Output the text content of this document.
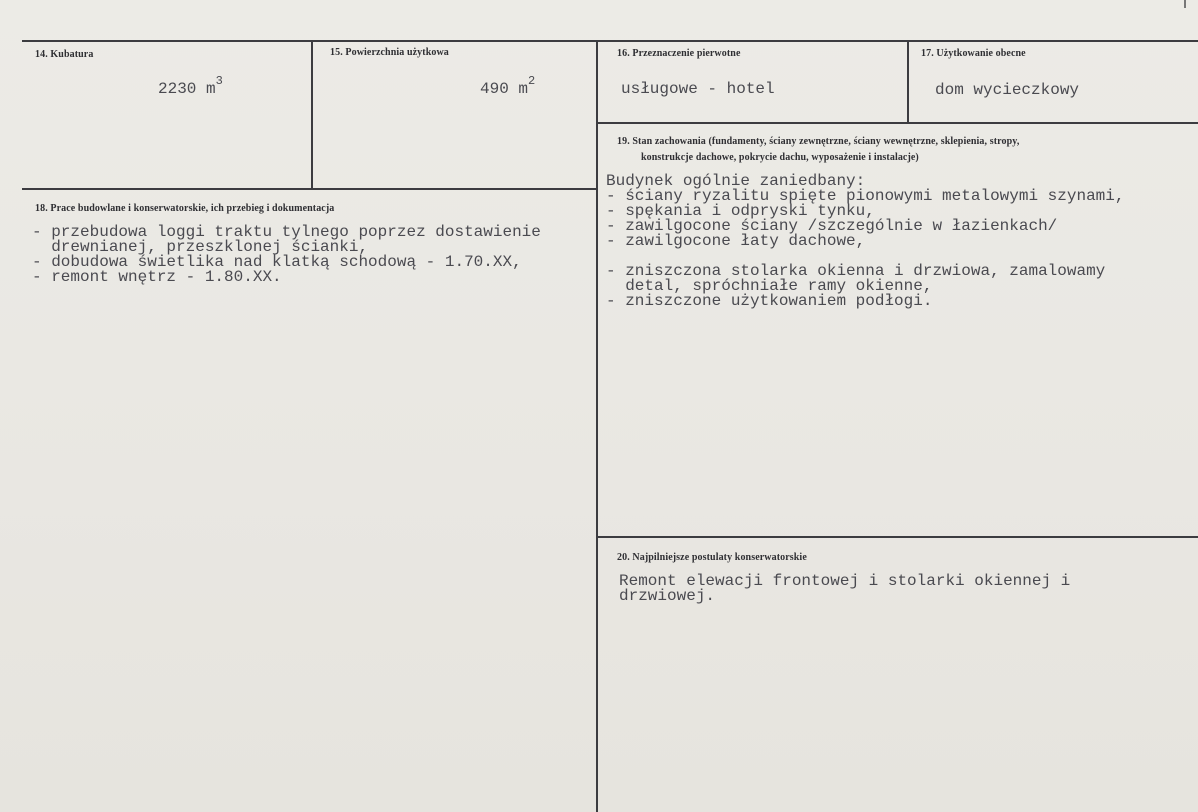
14. Kubatura
2230 $m^3$
15. Powierzchnia użytkowa
490 $m^2$
16. Przeznaczenie pierwotne
usługowe - hotel
17. Użytkowanie obecne
dom wycieczkowy
18. Prace budowlane i konserwatorskie, ich przebieg i dokumentacja
- przebudowa loggi traktu tylnego poprzez dostawienie
drewnianej, przeszklonej ścianki,
- dobudowa świetlika nad klatką schodową - 1.70.XX,
- remont wnętrz - 1.80.XX.
19. Stan zachowania (fundamenty, ściany zewnętrzne, ściany wewnętrzne, sklepienia, stropy,
konstrukcje dachowe, pokrycie dachu, wyposażenie i instalacje)
Budynek ogólnie zaniedbany:
- ściany ryzalitu spięte pionowymi metalowymi szynami,
- spękania i odpryski tynku,
- zawilgocone ściany /szczególnie w łazienkach/
- zawilgocone łaty dachowe,
- zniszczona stolarka okienna i drzwiowa, zamalowamy
detal, spróchniałe ramy okienne,
- zniszczone użytkowaniem podłogi.
20. Najpilniejsze postulaty konserwatorskie
Remont elewacji frontowej i stolarki okiennej i
drzwiowej.
